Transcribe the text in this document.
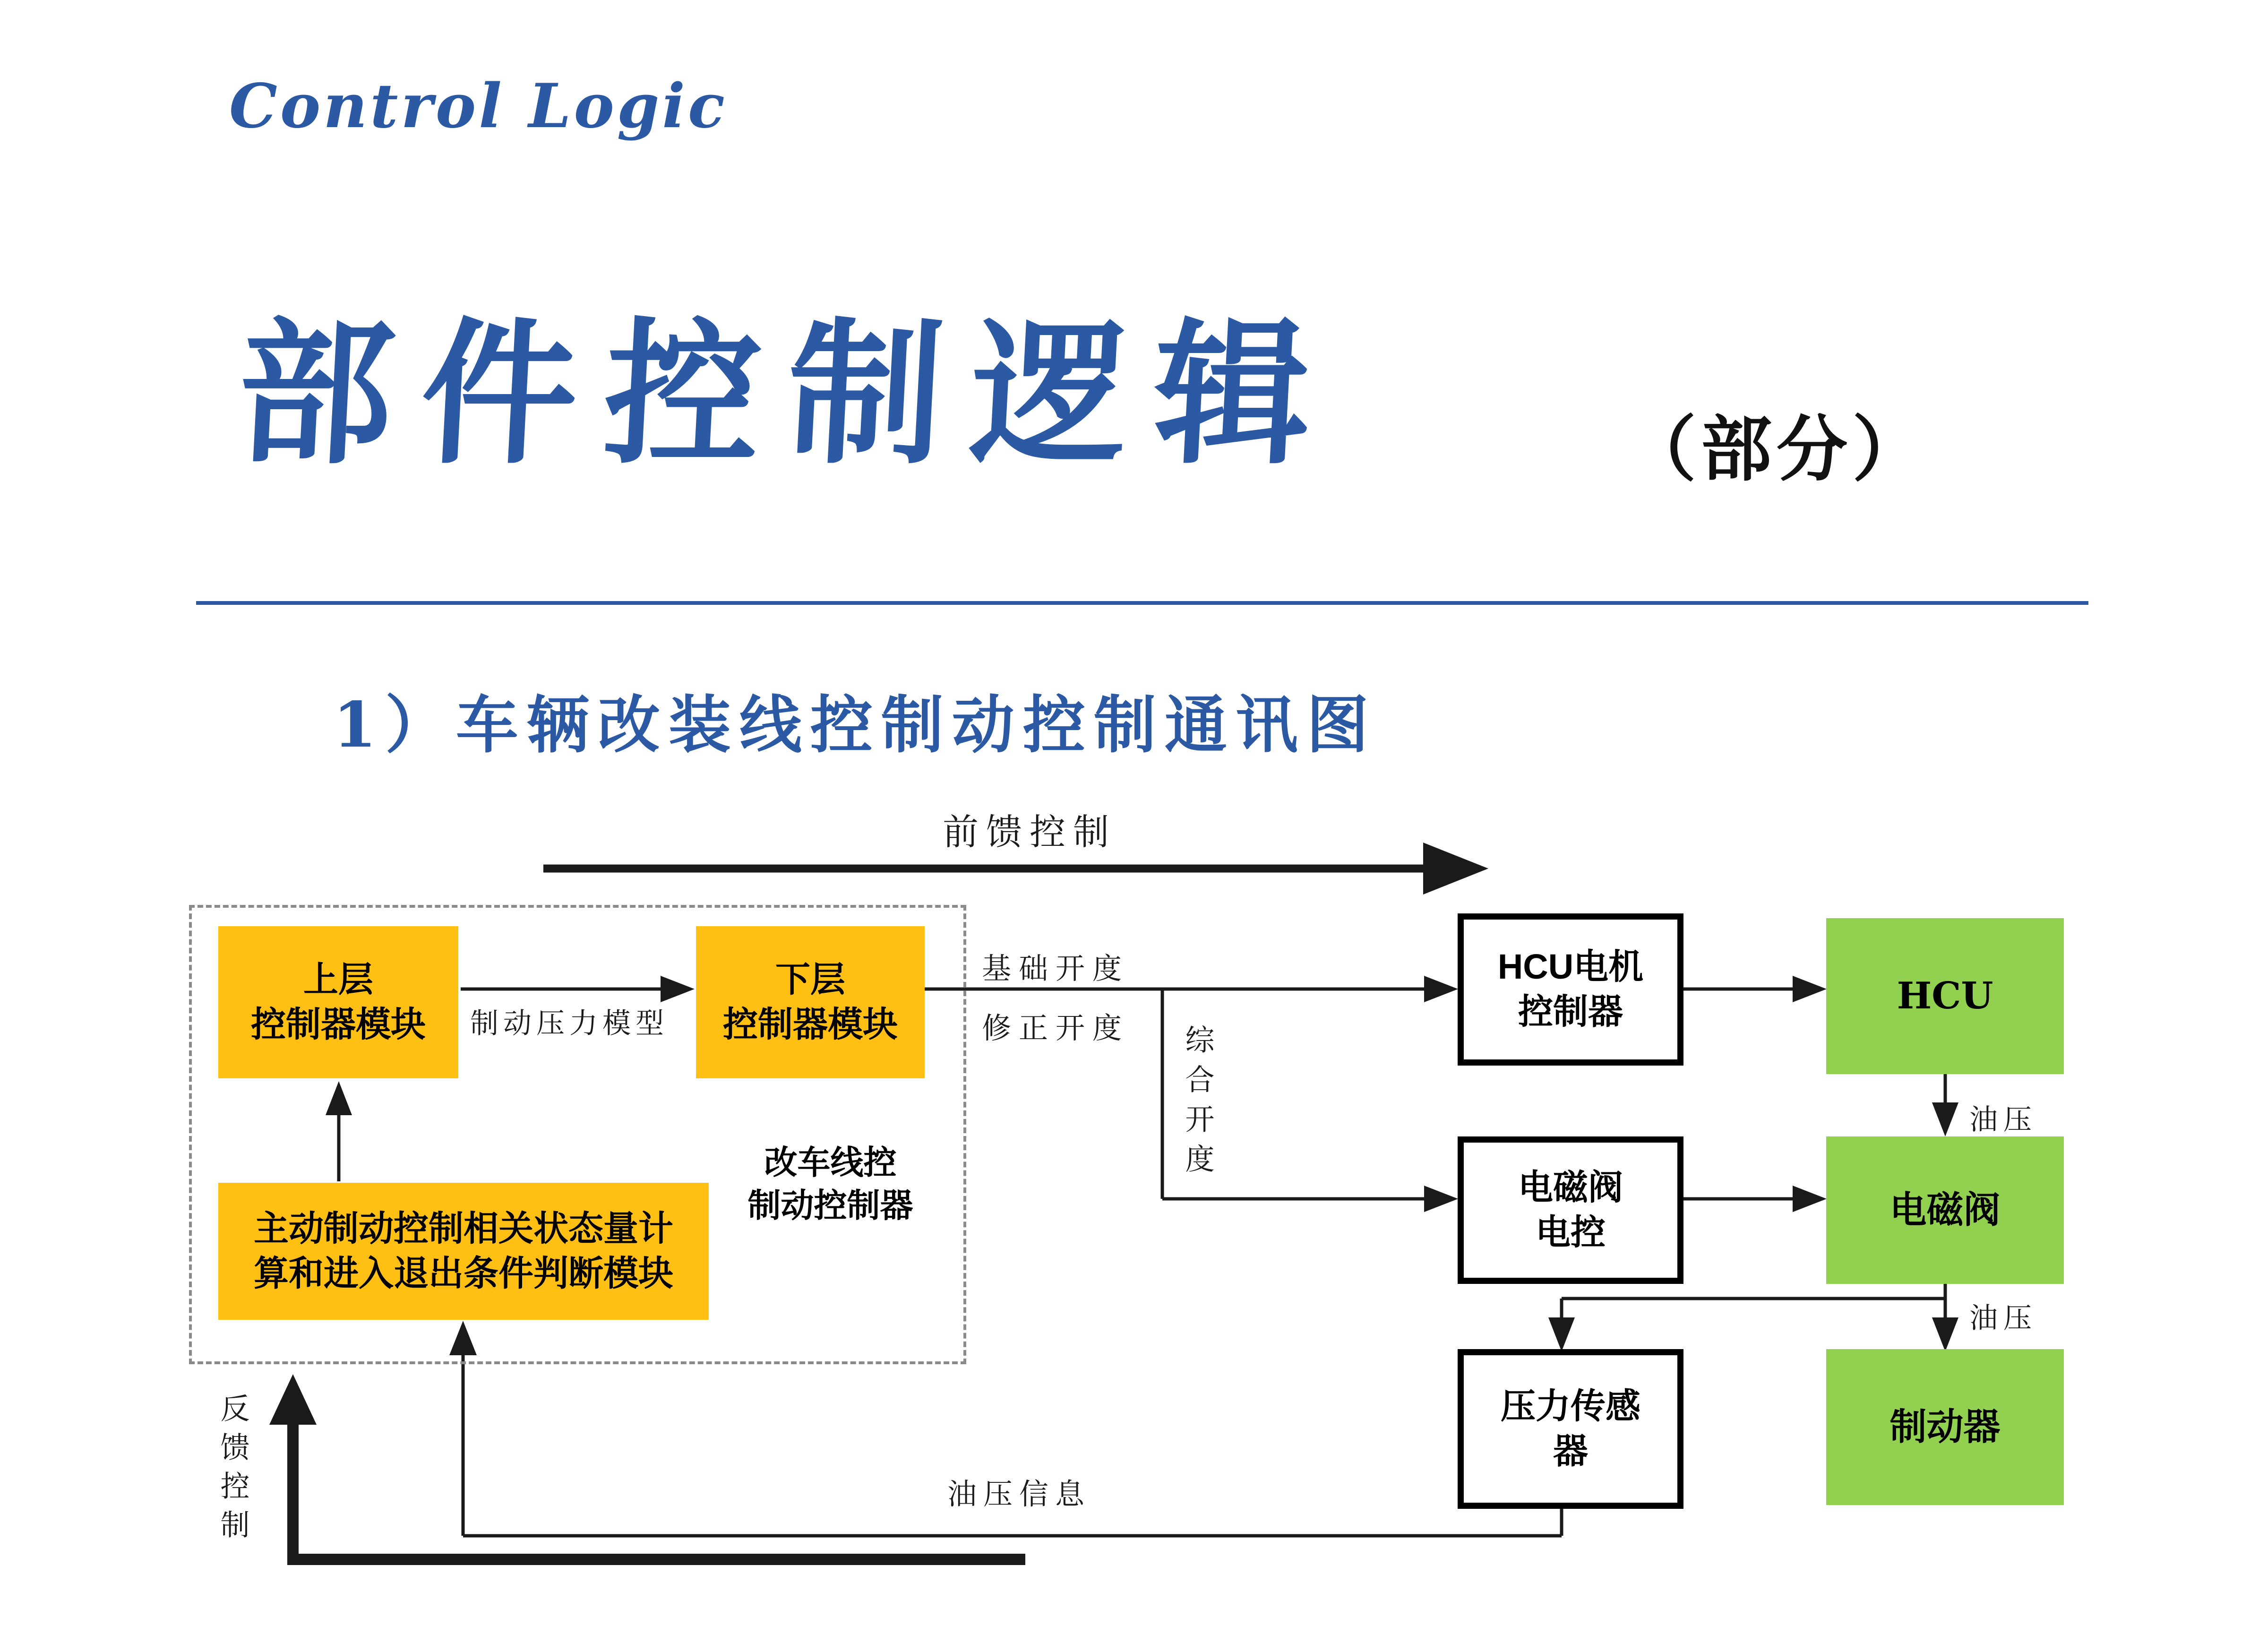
Control Logic
部件控制逻辑	（部分）
1）车辆改装线控制动控制通讯图
改车线控
制动控制器
上层
控制器模块
下层
控制器模块
主动制动控制相关状态量计
算和进入退出条件判断模块
HCU电机
控制器
电磁阀
电控
压力传感
器
HCU
电磁阀
制动器
前馈控制
制动压力模型
基础开度
修正开度 综合开度	油压
油压
油压信息
反馈控制
